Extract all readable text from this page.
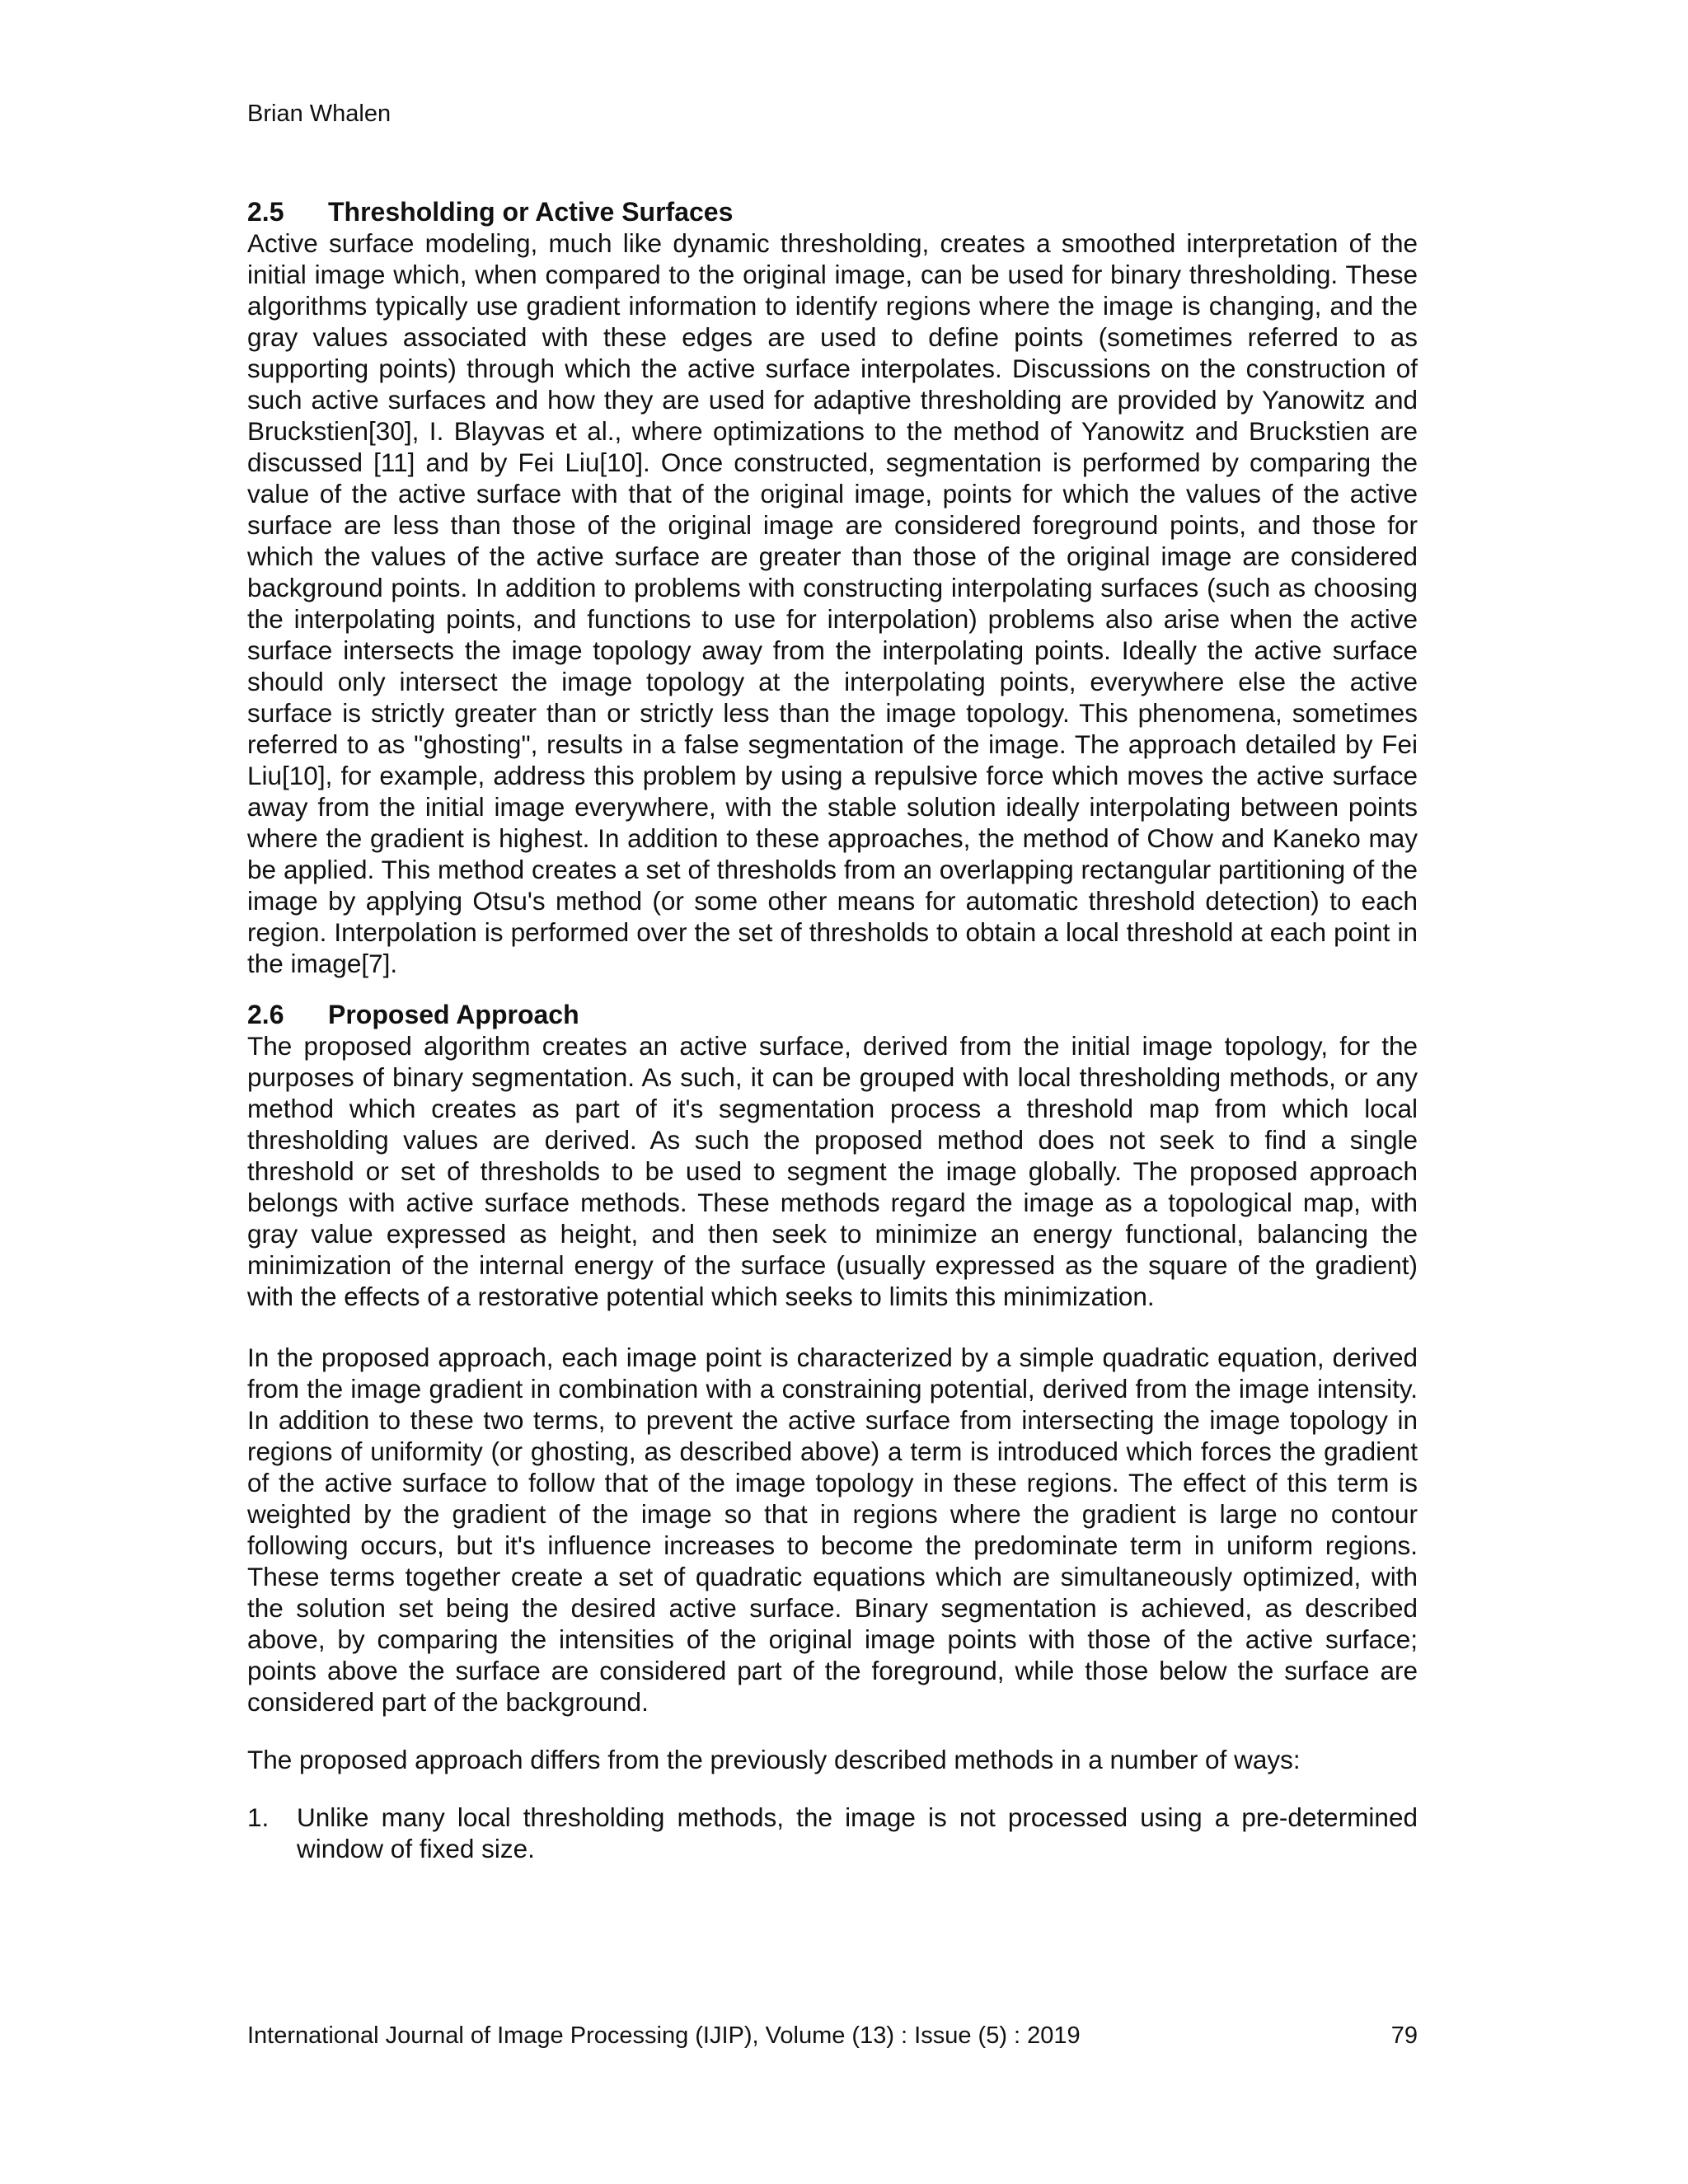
Brian Whalen
2.5 Thresholding or Active Surfaces

Active surface modeling, much like dynamic thresholding, creates a smoothed interpretation of the initial image which, when compared to the original image, can be used for binary thresholding. These algorithms typically use gradient information to identify regions where the image is changing, and the gray values associated with these edges are used to define points (sometimes referred to as supporting points) through which the active surface interpolates. Discussions on the construction of such active surfaces and how they are used for adaptive thresholding are provided by Yanowitz and Bruckstien[30], I. Blayvas et al., where optimizations to the method of Yanowitz and Bruckstien are discussed [11] and by Fei Liu[10]. Once constructed, segmentation is performed by comparing the value of the active surface with that of the original image, points for which the values of the active surface are less than those of the original image are considered foreground points, and those for which the values of the active surface are greater than those of the original image are considered background points. In addition to problems with constructing interpolating surfaces (such as choosing the interpolating points, and functions to use for interpolation) problems also arise when the active surface intersects the image topology away from the interpolating points. Ideally the active surface should only intersect the image topology at the interpolating points, everywhere else the active surface is strictly greater than or strictly less than the image topology. This phenomena, sometimes referred to as "ghosting", results in a false segmentation of the image. The approach detailed by Fei Liu[10], for example, address this problem by using a repulsive force which moves the active surface away from the initial image everywhere, with the stable solution ideally interpolating between points where the gradient is highest. In addition to these approaches, the method of Chow and Kaneko may be applied. This method creates a set of thresholds from an overlapping rectangular partitioning of the image by applying Otsu's method (or some other means for automatic threshold detection) to each region. Interpolation is performed over the set of thresholds to obtain a local threshold at each point in the image[7].

2.6 Proposed Approach

The proposed algorithm creates an active surface, derived from the initial image topology, for the purposes of binary segmentation. As such, it can be grouped with local thresholding methods, or any method which creates as part of it's segmentation process a threshold map from which local thresholding values are derived. As such the proposed method does not seek to find a single threshold or set of thresholds to be used to segment the image globally. The proposed approach belongs with active surface methods. These methods regard the image as a topological map, with gray value expressed as height, and then seek to minimize an energy functional, balancing the minimization of the internal energy of the surface (usually expressed as the square of the gradient) with the effects of a restorative potential which seeks to limits this minimization.

In the proposed approach, each image point is characterized by a simple quadratic equation, derived from the image gradient in combination with a constraining potential, derived from the image intensity. In addition to these two terms, to prevent the active surface from intersecting the image topology in regions of uniformity (or ghosting, as described above) a term is introduced which forces the gradient of the active surface to follow that of the image topology in these regions. The effect of this term is weighted by the gradient of the image so that in regions where the gradient is large no contour following occurs, but it's influence increases to become the predominate term in uniform regions. These terms together create a set of quadratic equations which are simultaneously optimized, with the solution set being the desired active surface. Binary segmentation is achieved, as described above, by comparing the intensities of the original image points with those of the active surface; points above the surface are considered part of the foreground, while those below the surface are considered part of the background.

The proposed approach differs from the previously described methods in a number of ways:

1.	Unlike many local thresholding methods, the image is not processed using a pre-determined window of fixed size.
International Journal of Image Processing (IJIP), Volume (13) : Issue (5) : 2019	79
